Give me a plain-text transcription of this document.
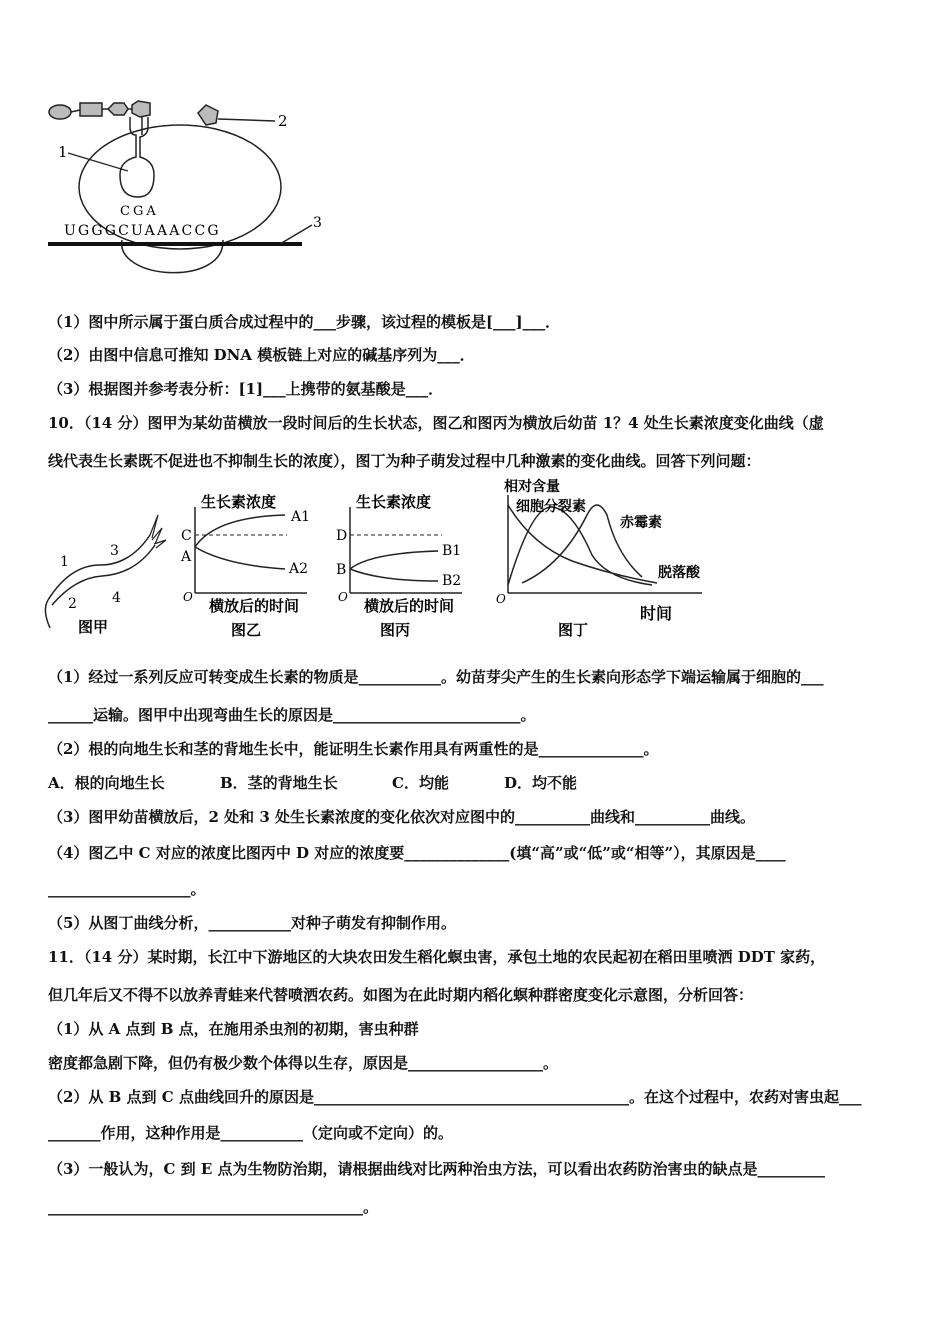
2
1
CGA
UGGGCUAAACCG	3
（1）图中所示属于蛋白质合成过程中的___步骤，该过程的模板是[___]___．
（2）由图中信息可推知 DNA 模板链上对应的碱基序列为___．
（3）根据图并参考表分析：[1]___上携带的氨基酸是___．
10．（14 分）图甲为某幼苗横放一段时间后的生长状态，图乙和图丙为横放后幼苗 1？4 处生长素浓度变化曲线（虚
线代表生长素既不促进也不抑制生长的浓度），图丁为种子萌发过程中几种激素的变化曲线。回答下列问题：
1
2
3
4
图甲
生长素浓度
C
A
A1
A2
O 横放后的时间
图乙
生长素浓度
D
B
B1
B2
O 横放后的时间
图丙
相对含量
细胞分裂素
赤霉素
脱落酸
O
时间
图丁
（1）经过一系列反应可转变成生长素的物质是___________。幼苗芽尖产生的生长素向形态学下端运输属于细胞的___
______运输。图甲中出现弯曲生长的原因是_________________________。
（2）根的向地生长和茎的背地生长中，能证明生长素作用具有两重性的是______________。
A．根的向地生长	B．茎的背地生长	C．均能	D．均不能
（3）图甲幼苗横放后，2 处和 3 处生长素浓度的变化依次对应图中的__________曲线和__________曲线。
（4）图乙中 C 对应的浓度比图丙中 D 对应的浓度要______________(填“高”或“低”或“相等”），其原因是____
___________________。
（5）从图丁曲线分析，___________对种子萌发有抑制作用。
11．（14 分）某时期，长江中下游地区的大块农田发生稻化螟虫害，承包土地的农民起初在稻田里喷洒 DDT 家药，
但几年后又不得不以放养青蛙来代替喷洒农药。如图为在此时期内稻化螟种群密度变化示意图，分析回答：
（1）从 A 点到 B 点，在施用杀虫剂的初期，害虫种群
密度都急剧下降，但仍有极少数个体得以生存，原因是__________________。
（2）从 B 点到 C 点曲线回升的原因是__________________________________________。在这个过程中，农药对害虫起___
_______作用，这种作用是___________（定向或不定向）的。
（3）一般认为，C 到 E 点为生物防治期，请根据曲线对比两种治虫方法，可以看出农药防治害虫的缺点是_________
__________________________________________。
